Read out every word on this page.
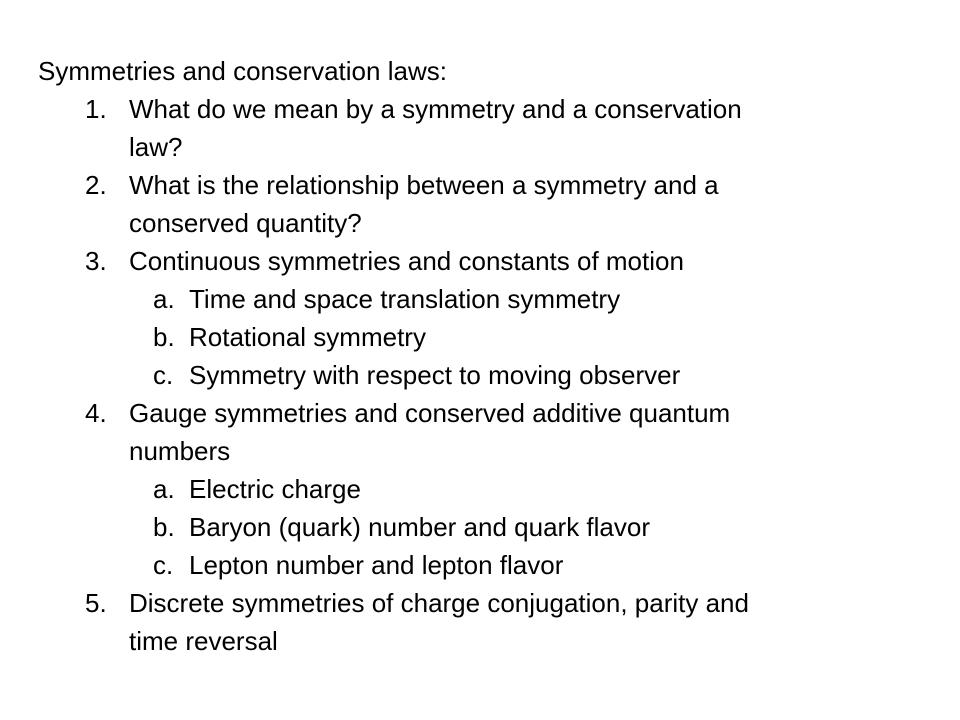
Symmetries and conservation laws:
1. What do we mean by a symmetry and a conservation
law?
2. What is the relationship between a symmetry and a
conserved quantity?
3. Continuous symmetries and constants of motion
a. Time and space translation symmetry
b. Rotational symmetry
c. Symmetry with respect to moving observer
4. Gauge symmetries and conserved additive quantum
numbers
a. Electric charge
b. Baryon (quark) number and quark flavor
c. Lepton number and lepton flavor
5. Discrete symmetries of charge conjugation, parity and
time reversal
